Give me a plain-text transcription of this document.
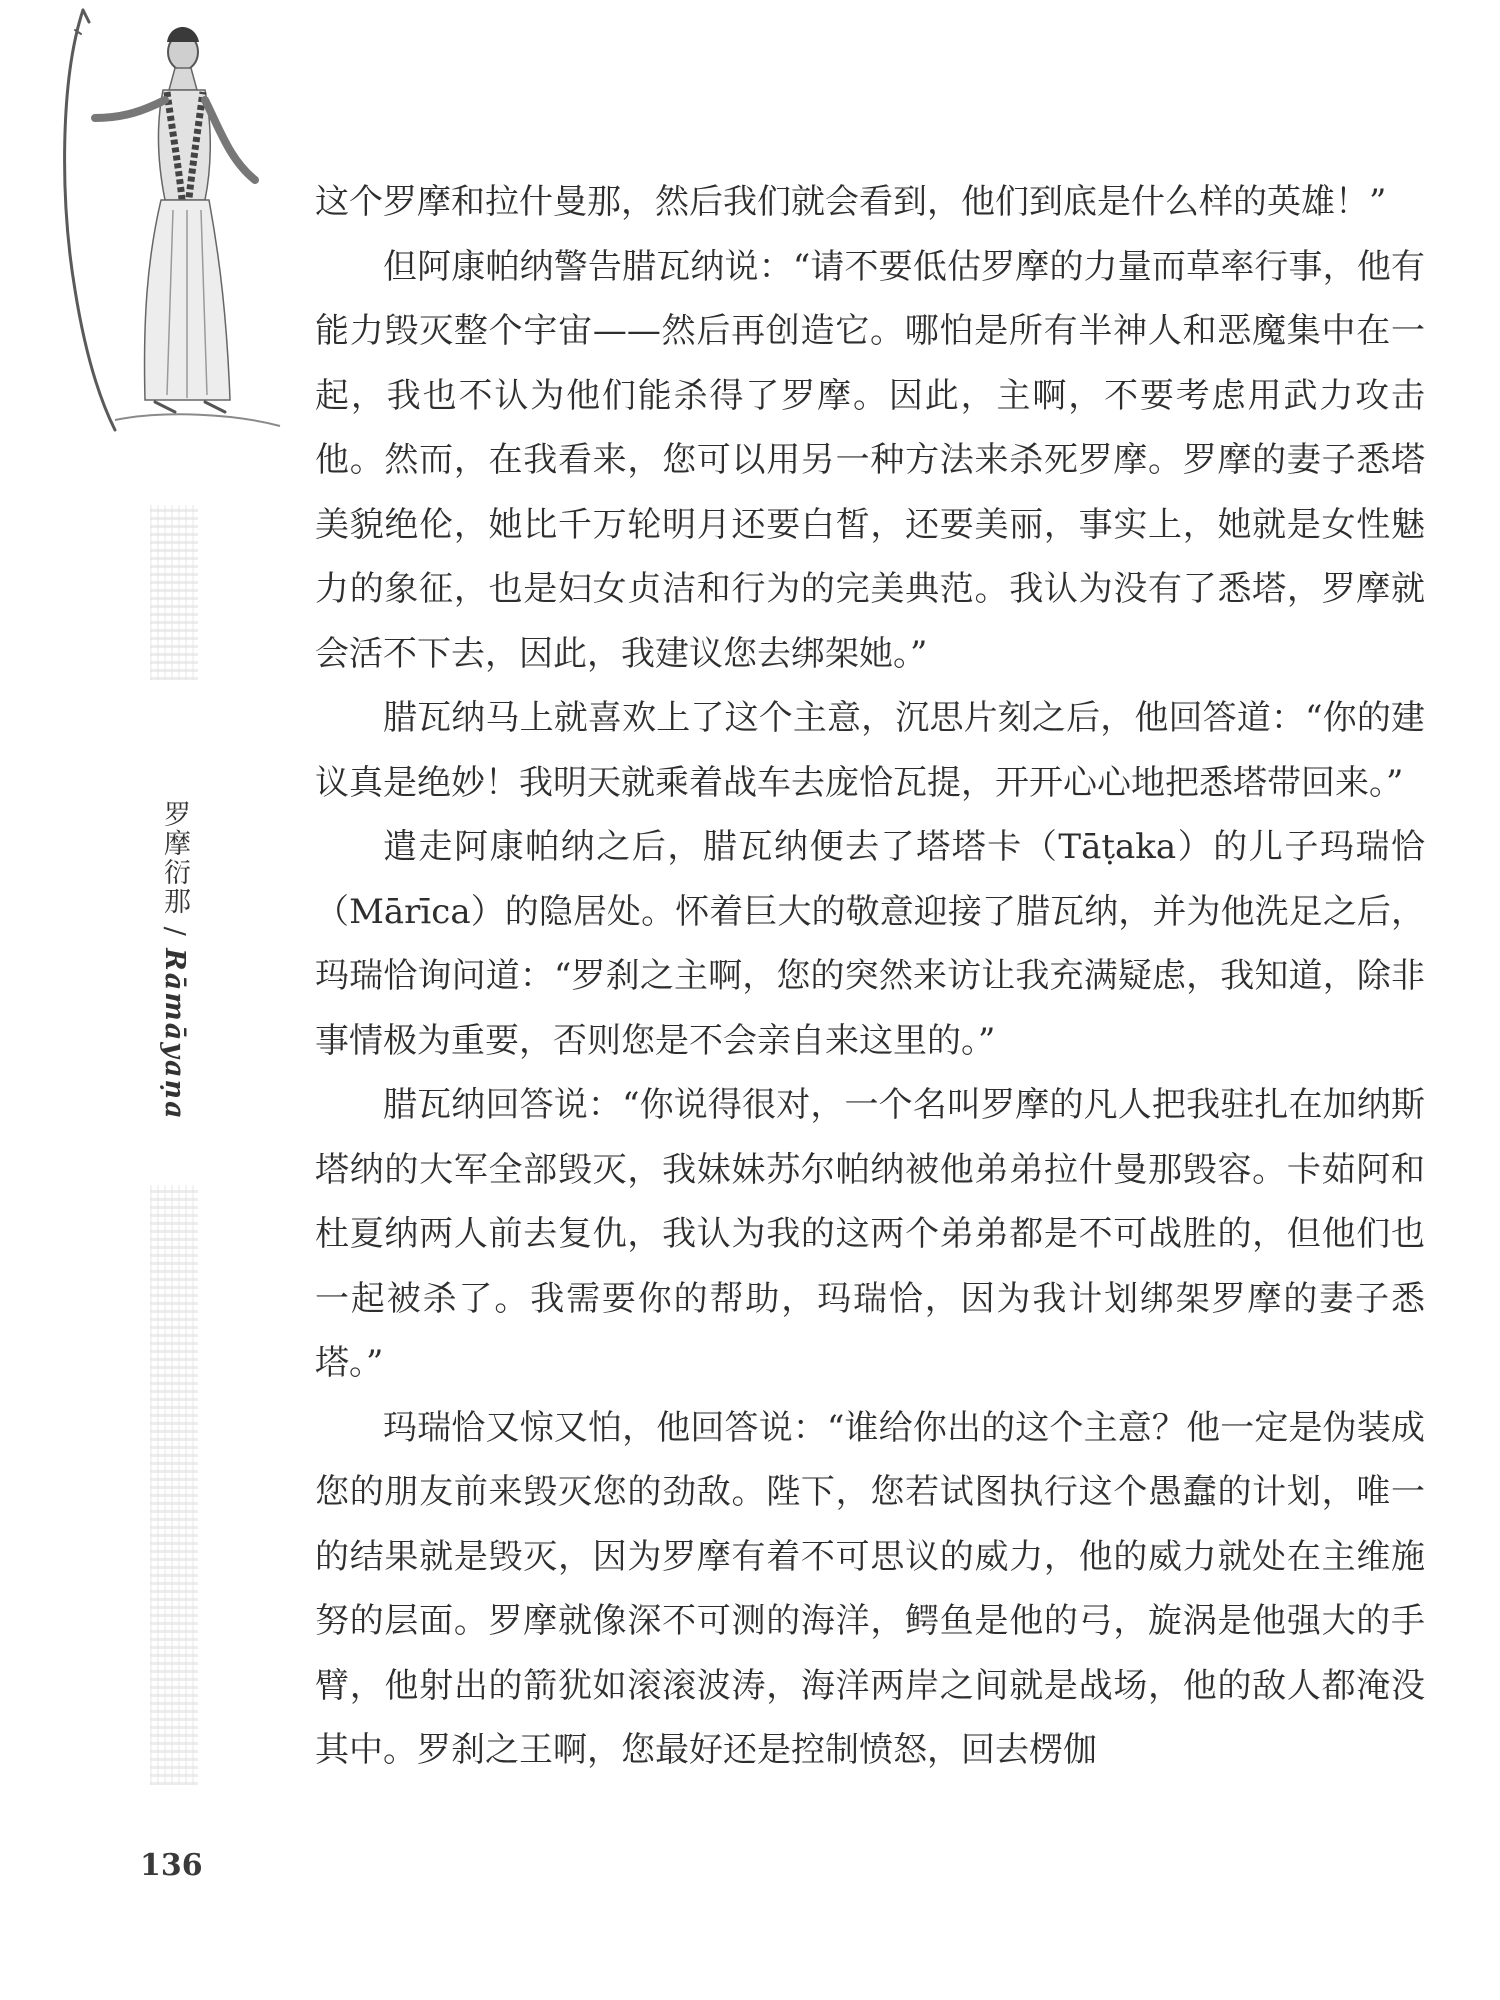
罗摩衍那 / Rāmāyaṇa
136

这个罗摩和拉什曼那，然后我们就会看到，他们到底是什么样的英雄！”

但阿康帕纳警告腊瓦纳说：“请不要低估罗摩的力量而草率行事，他有能力毁灭整个宇宙——然后再创造它。哪怕是所有半神人和恶魔集中在一起，我也不认为他们能杀得了罗摩。因此，主啊，不要考虑用武力攻击他。然而，在我看来，您可以用另一种方法来杀死罗摩。罗摩的妻子悉塔美貌绝伦，她比千万轮明月还要白皙，还要美丽，事实上，她就是女性魅力的象征，也是妇女贞洁和行为的完美典范。我认为没有了悉塔，罗摩就会活不下去，因此，我建议您去绑架她。”

腊瓦纳马上就喜欢上了这个主意，沉思片刻之后，他回答道：“你的建议真是绝妙！我明天就乘着战车去庞恰瓦提，开开心心地把悉塔带回来。”

遣走阿康帕纳之后，腊瓦纳便去了塔塔卡（Tāṭaka）的儿子玛瑞恰（Mārīca）的隐居处。怀着巨大的敬意迎接了腊瓦纳，并为他洗足之后，玛瑞恰询问道：“罗刹之主啊，您的突然来访让我充满疑虑，我知道，除非事情极为重要，否则您是不会亲自来这里的。”

腊瓦纳回答说：“你说得很对，一个名叫罗摩的凡人把我驻扎在加纳斯塔纳的大军全部毁灭，我妹妹苏尔帕纳被他弟弟拉什曼那毁容。卡茹阿和杜夏纳两人前去复仇，我认为我的这两个弟弟都是不可战胜的，但他们也一起被杀了。我需要你的帮助，玛瑞恰，因为我计划绑架罗摩的妻子悉塔。”

玛瑞恰又惊又怕，他回答说：“谁给你出的这个主意？他一定是伪装成您的朋友前来毁灭您的劲敌。陛下，您若试图执行这个愚蠢的计划，唯一的结果就是毁灭，因为罗摩有着不可思议的威力，他的威力就处在主维施努的层面。罗摩就像深不可测的海洋，鳄鱼是他的弓，旋涡是他强大的手臂，他射出的箭犹如滚滚波涛，海洋两岸之间就是战场，他的敌人都淹没其中。罗刹之王啊，您最好还是控制愤怒，回去楞伽
